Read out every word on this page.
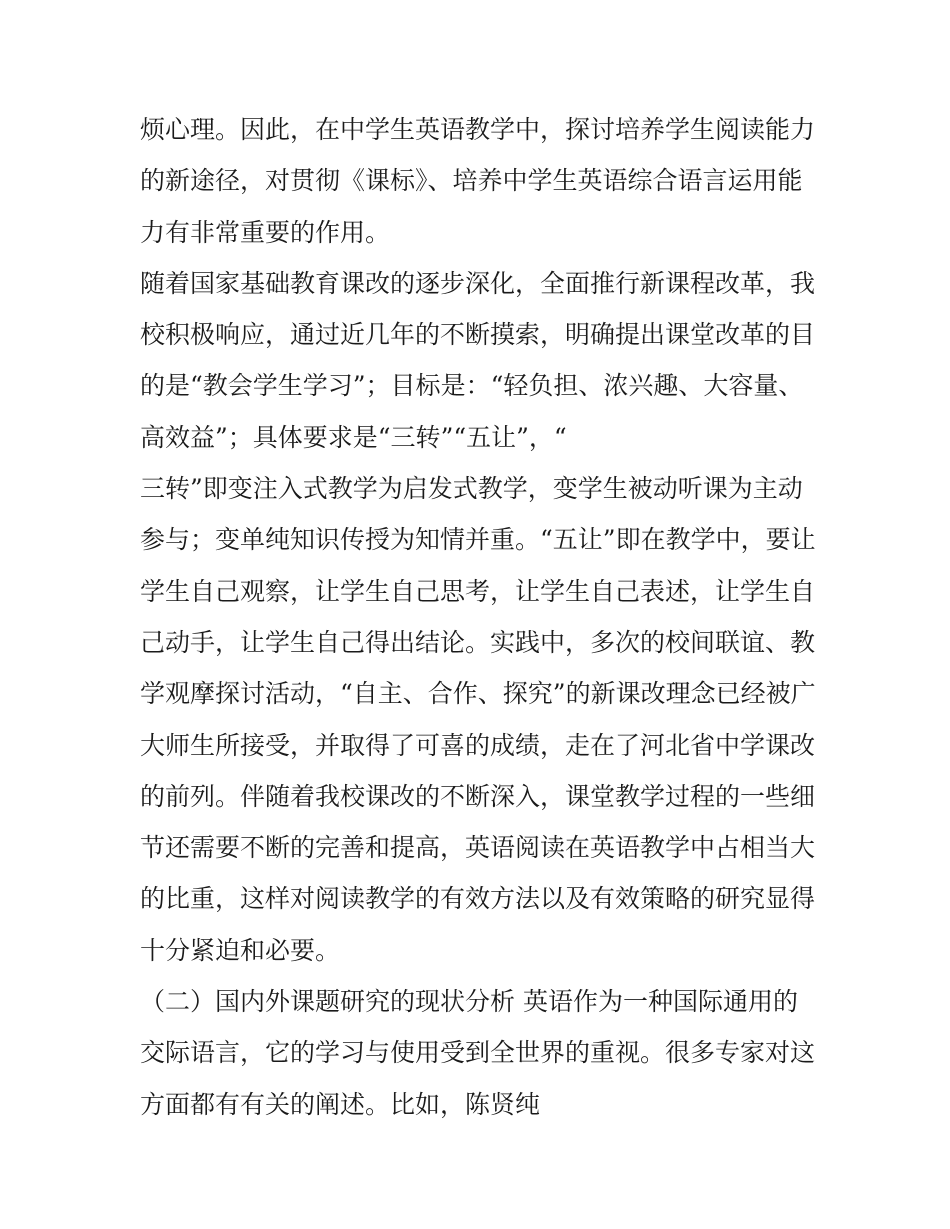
烦心理。因此，在中学生英语教学中，探讨培养学生阅读能力
的新途径，对贯彻《课标》、培养中学生英语综合语言运用能
力有非常重要的作用。
随着国家基础教育课改的逐步深化，全面推行新课程改革，我
校积极响应，通过近几年的不断摸索，明确提出课堂改革的目
的是“教会学生学习”；目标是：“轻负担、浓兴趣、大容量、
高效益”；具体要求是“三转”“五让”，“
三转”即变注入式教学为启发式教学，变学生被动听课为主动
参与；变单纯知识传授为知情并重。“五让”即在教学中，要让
学生自己观察，让学生自己思考，让学生自己表述，让学生自
己动手，让学生自己得出结论。实践中，多次的校间联谊、教
学观摩探讨活动，“自主、合作、探究”的新课改理念已经被广
大师生所接受，并取得了可喜的成绩，走在了河北省中学课改
的前列。伴随着我校课改的不断深入，课堂教学过程的一些细
节还需要不断的完善和提高，英语阅读在英语教学中占相当大
的比重，这样对阅读教学的有效方法以及有效策略的研究显得
十分紧迫和必要。
（二）国内外课题研究的现状分析 英语作为一种国际通用的
交际语言，它的学习与使用受到全世界的重视。很多专家对这
方面都有有关的阐述。比如，陈贤纯
